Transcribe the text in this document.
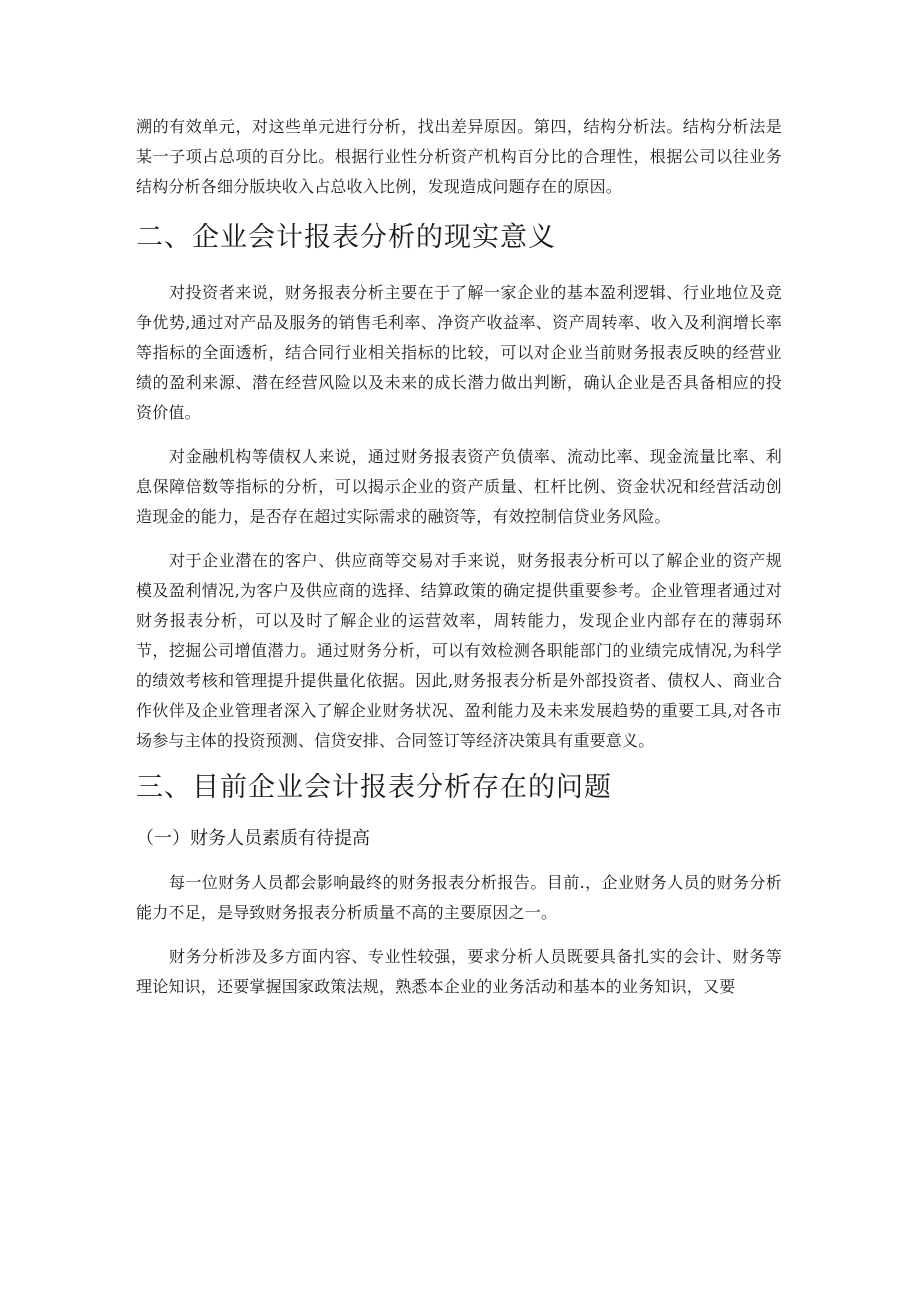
溯的有效单元，对这些单元进行分析，找出差异原因。第四，结构分析法。结构分析法是某一子项占总项的百分比。根据行业性分析资产机构百分比的合理性，根据公司以往业务结构分析各细分版块收入占总收入比例，发现造成问题存在的原因。

二、企业会计报表分析的现实意义

对投资者来说，财务报表分析主要在于了解一家企业的基本盈利逻辑、行业地位及竞争优势,通过对产品及服务的销售毛利率、净资产收益率、资产周转率、收入及利润增长率等指标的全面透析，结合同行业相关指标的比较，可以对企业当前财务报表反映的经营业绩的盈利来源、潜在经营风险以及未来的成长潜力做出判断，确认企业是否具备相应的投资价值。

对金融机构等债权人来说，通过财务报表资产负债率、流动比率、现金流量比率、利息保障倍数等指标的分析，可以揭示企业的资产质量、杠杆比例、资金状况和经营活动创造现金的能力，是否存在超过实际需求的融资等，有效控制信贷业务风险。

对于企业潜在的客户、供应商等交易对手来说，财务报表分析可以了解企业的资产规模及盈利情况,为客户及供应商的选择、结算政策的确定提供重要参考。企业管理者通过对财务报表分析，可以及时了解企业的运营效率，周转能力，发现企业内部存在的薄弱环节，挖掘公司增值潜力。通过财务分析，可以有效检测各职能部门的业绩完成情况,为科学的绩效考核和管理提升提供量化依据。因此,财务报表分析是外部投资者、债权人、商业合作伙伴及企业管理者深入了解企业财务状况、盈利能力及未来发展趋势的重要工具,对各市场参与主体的投资预测、信贷安排、合同签订等经济决策具有重要意义。

三、目前企业会计报表分析存在的问题
（一）财务人员素质有待提高

每一位财务人员都会影响最终的财务报表分析报告。目前.，企业财务人员的财务分析能力不足，是导致财务报表分析质量不高的主要原因之一。

财务分析涉及多方面内容、专业性较强，要求分析人员既要具备扎实的会计、财务等理论知识，还要掌握国家政策法规，熟悉本企业的业务活动和基本的业务知识，又要
